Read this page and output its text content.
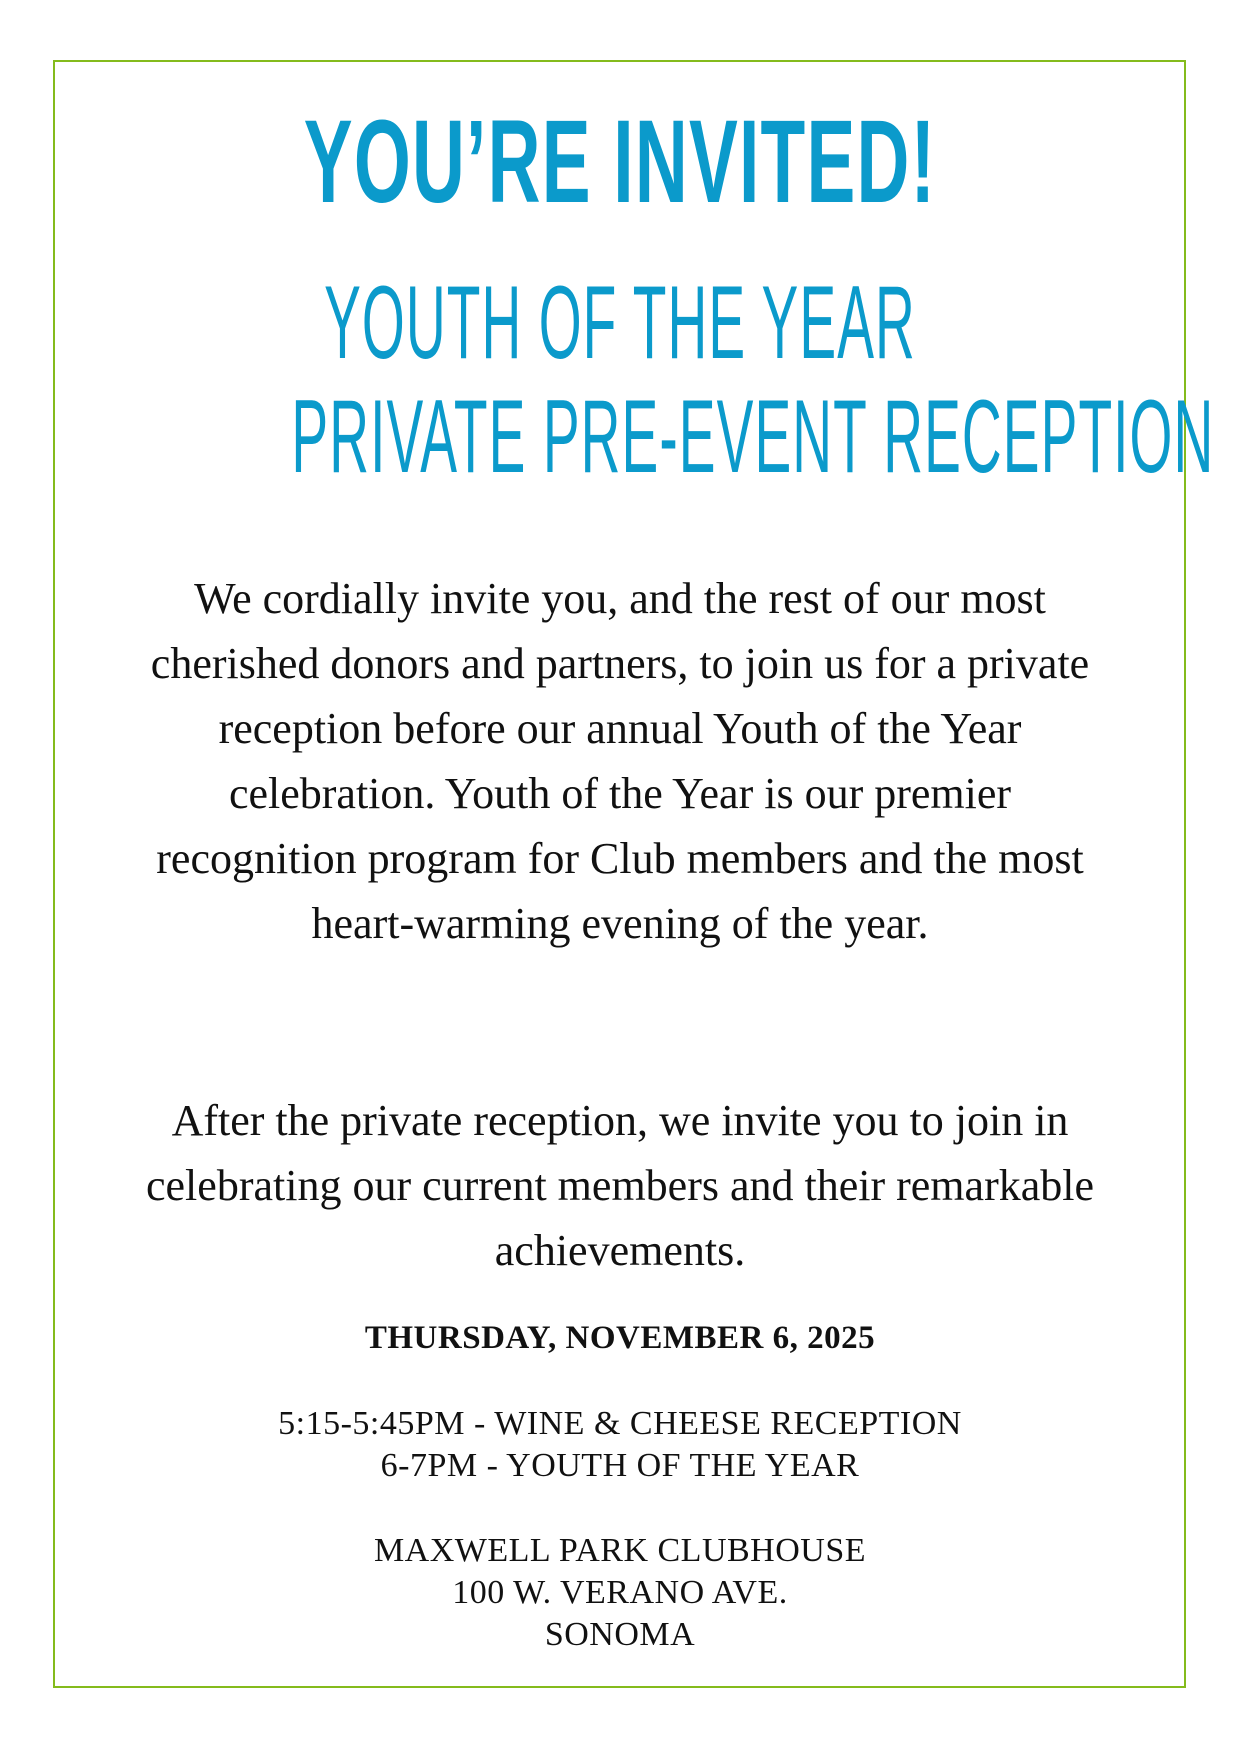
YOU’RE INVITED!
YOUTH OF THE YEAR
PRIVATE PRE-EVENT RECEPTION

We cordially invite you, and the rest of our most cherished donors and partners, to join us for a private reception before our annual Youth of the Year celebration. Youth of the Year is our premier recognition program for Club members and the most heart-warming evening of the year.

After the private reception, we invite you to join in celebrating our current members and their remarkable achievements.

THURSDAY, NOVEMBER 6, 2025
5:15-5:45PM - WINE & CHEESE RECEPTION
6-7PM - YOUTH OF THE YEAR
MAXWELL PARK CLUBHOUSE
100 W. VERANO AVE.
SONOMA
